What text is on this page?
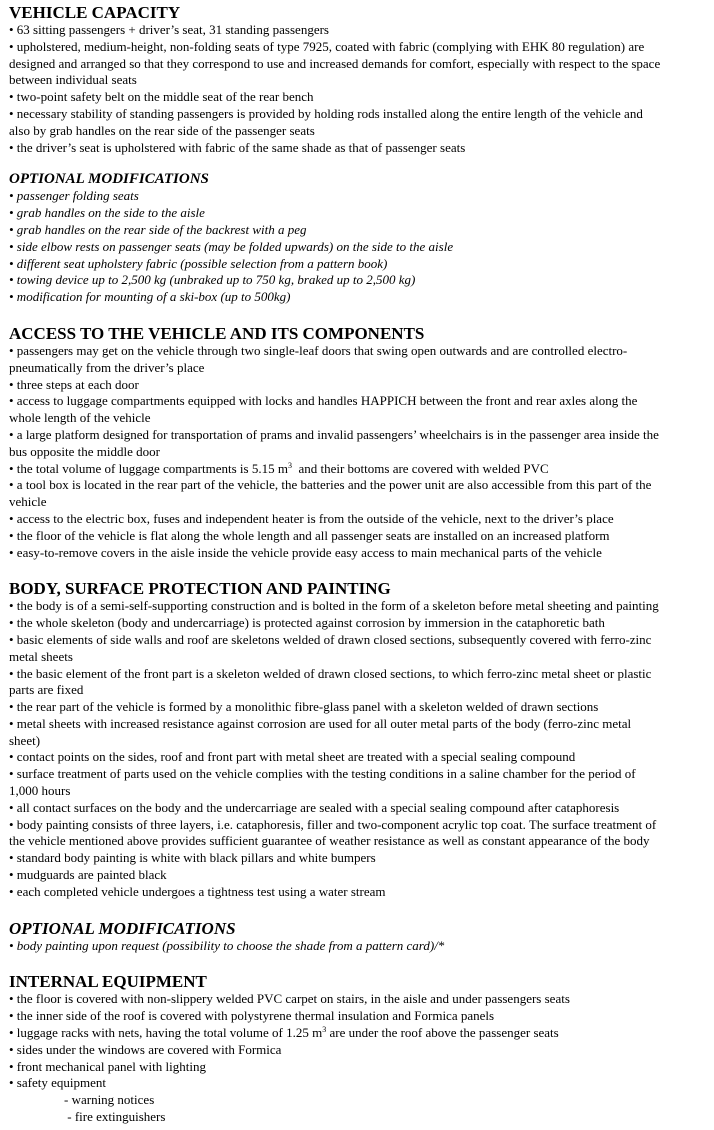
VEHICLE CAPACITY
• 63 sitting passengers + driver’s seat, 31 standing passengers
• upholstered, medium-height, non-folding seats of type 7925, coated with fabric (complying with EHK 80 regulation) are
designed and arranged so that they correspond to use and increased demands for comfort, especially with respect to the space
between individual seats
• two-point safety belt on the middle seat of the rear bench
• necessary stability of standing passengers is provided by holding rods installed along the entire length of the vehicle and
also by grab handles on the rear side of the passenger seats
• the driver’s seat is upholstered with fabric of the same shade as that of passenger seats
OPTIONAL MODIFICATIONS
• passenger folding seats
• grab handles on the side to the aisle
• grab handles on the rear side of the backrest with a peg
• side elbow rests on passenger seats (may be folded upwards) on the side to the aisle
• different seat upholstery fabric (possible selection from a pattern book)
• towing device up to 2,500 kg (unbraked up to 750 kg, braked up to 2,500 kg)
• modification for mounting of a ski-box (up to 500kg)
ACCESS TO THE VEHICLE AND ITS COMPONENTS
• passengers may get on the vehicle through two single-leaf doors that swing open outwards and are controlled electro-
pneumatically from the driver’s place
• three steps at each door
• access to luggage compartments equipped with locks and handles HAPPICH between the front and rear axles along the
whole length of the vehicle
• a large platform designed for transportation of prams and invalid passengers’ wheelchairs is in the passenger area inside the
bus opposite the middle door
• the total volume of luggage compartments is 5.15 $m^3$  and their bottoms are covered with welded PVC
• a tool box is located in the rear part of the vehicle, the batteries and the power unit are also accessible from this part of the
vehicle
• access to the electric box, fuses and independent heater is from the outside of the vehicle, next to the driver’s place
• the floor of the vehicle is flat along the whole length and all passenger seats are installed on an increased platform
• easy-to-remove covers in the aisle inside the vehicle provide easy access to main mechanical parts of the vehicle
BODY, SURFACE PROTECTION AND PAINTING
• the body is of a semi-self-supporting construction and is bolted in the form of a skeleton before metal sheeting and painting
• the whole skeleton (body and undercarriage) is protected against corrosion by immersion in the cataphoretic bath
• basic elements of side walls and roof are skeletons welded of drawn closed sections, subsequently covered with ferro-zinc
metal sheets
• the basic element of the front part is a skeleton welded of drawn closed sections, to which ferro-zinc metal sheet or plastic
parts are fixed
• the rear part of the vehicle is formed by a monolithic fibre-glass panel with a skeleton welded of drawn sections
• metal sheets with increased resistance against corrosion are used for all outer metal parts of the body (ferro-zinc metal
sheet)
• contact points on the sides, roof and front part with metal sheet are treated with a special sealing compound
• surface treatment of parts used on the vehicle complies with the testing conditions in a saline chamber for the period of
1,000 hours
• all contact surfaces on the body and the undercarriage are sealed with a special sealing compound after cataphoresis
• body painting consists of three layers, i.e. cataphoresis, filler and two-component acrylic top coat. The surface treatment of
the vehicle mentioned above provides sufficient guarantee of weather resistance as well as constant appearance of the body
• standard body painting is white with black pillars and white bumpers
• mudguards are painted black
• each completed vehicle undergoes a tightness test using a water stream
OPTIONAL MODIFICATIONS
• body painting upon request (possibility to choose the shade from a pattern card)/*
INTERNAL EQUIPMENT
• the floor is covered with non-slippery welded PVC carpet on stairs, in the aisle and under passengers seats
• the inner side of the roof is covered with polystyrene thermal insulation and Formica panels
• luggage racks with nets, having the total volume of 1.25 $m^3$ are under the roof above the passenger seats
• sides under the windows are covered with Formica
• front mechanical panel with lighting
• safety equipment
- warning notices
- fire extinguishers
